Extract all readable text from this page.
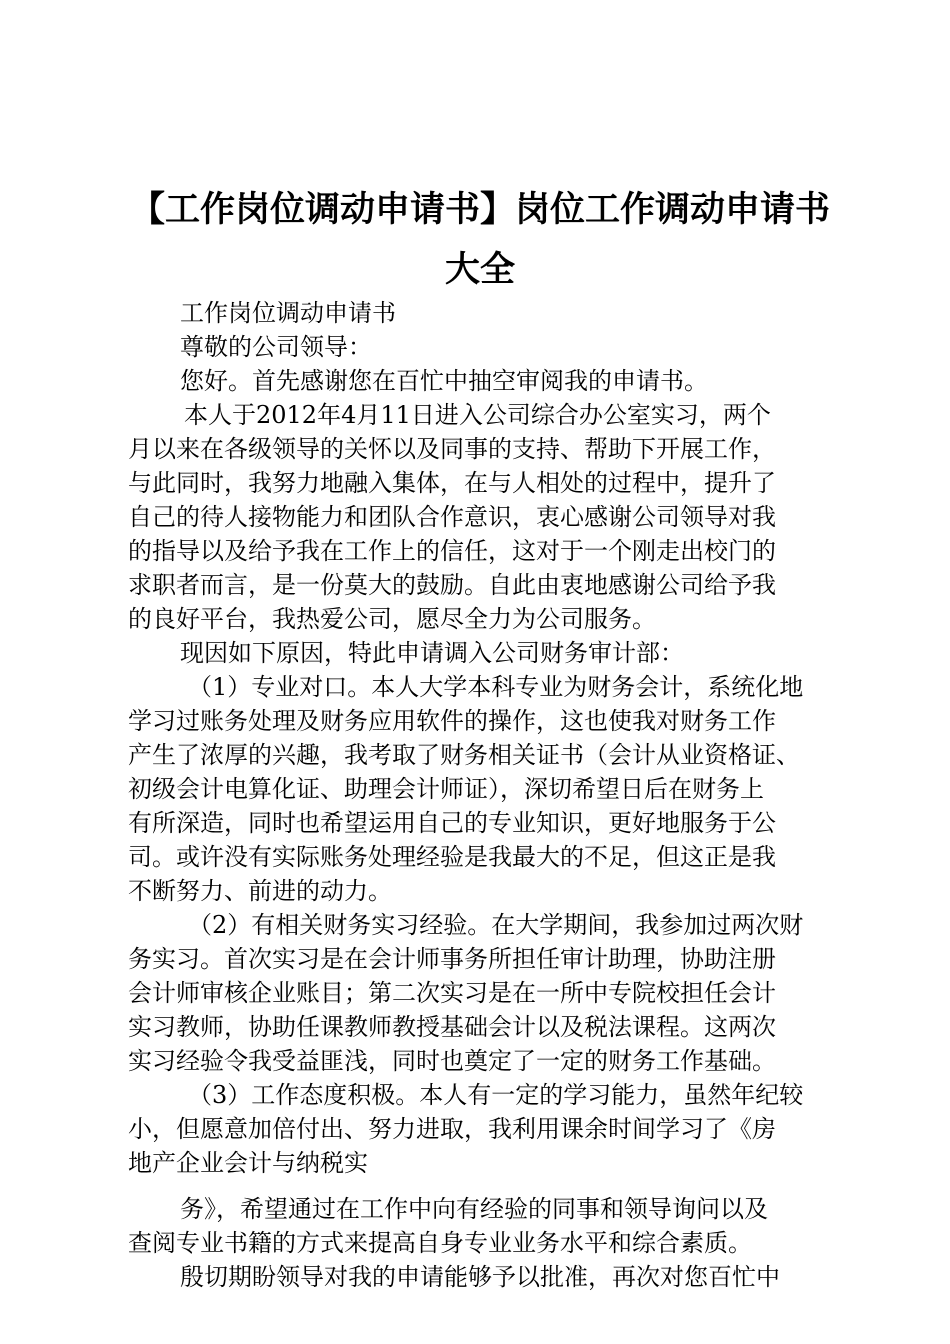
【工作岗位调动申请书】岗位工作调动申请书
大全
工作岗位调动申请书
尊敬的公司领导：
您好。首先感谢您在百忙中抽空审阅我的申请书。
本人于2012年4月11日进入公司综合办公室实习，两个
月以来在各级领导的关怀以及同事的支持、帮助下开展工作，
与此同时，我努力地融入集体，在与人相处的过程中，提升了
自己的待人接物能力和团队合作意识，衷心感谢公司领导对我
的指导以及给予我在工作上的信任，这对于一个刚走出校门的
求职者而言，是一份莫大的鼓励。自此由衷地感谢公司给予我
的良好平台，我热爱公司，愿尽全力为公司服务。
现因如下原因，特此申请调入公司财务审计部：
（1）专业对口。本人大学本科专业为财务会计，系统化地
学习过账务处理及财务应用软件的操作，这也使我对财务工作
产生了浓厚的兴趣，我考取了财务相关证书（会计从业资格证、
初级会计电算化证、助理会计师证），深切希望日后在财务上
有所深造，同时也希望运用自己的专业知识，更好地服务于公
司。或许没有实际账务处理经验是我最大的不足，但这正是我
不断努力、前进的动力。
（2）有相关财务实习经验。在大学期间，我参加过两次财
务实习。首次实习是在会计师事务所担任审计助理，协助注册
会计师审核企业账目；第二次实习是在一所中专院校担任会计
实习教师，协助任课教师教授基础会计以及税法课程。这两次
实习经验令我受益匪浅，同时也奠定了一定的财务工作基础。
（3）工作态度积极。本人有一定的学习能力，虽然年纪较
小，但愿意加倍付出、努力进取，我利用课余时间学习了《房
地产企业会计与纳税实
务》，希望通过在工作中向有经验的同事和领导询问以及
查阅专业书籍的方式来提高自身专业业务水平和综合素质。
殷切期盼领导对我的申请能够予以批准，再次对您百忙中
